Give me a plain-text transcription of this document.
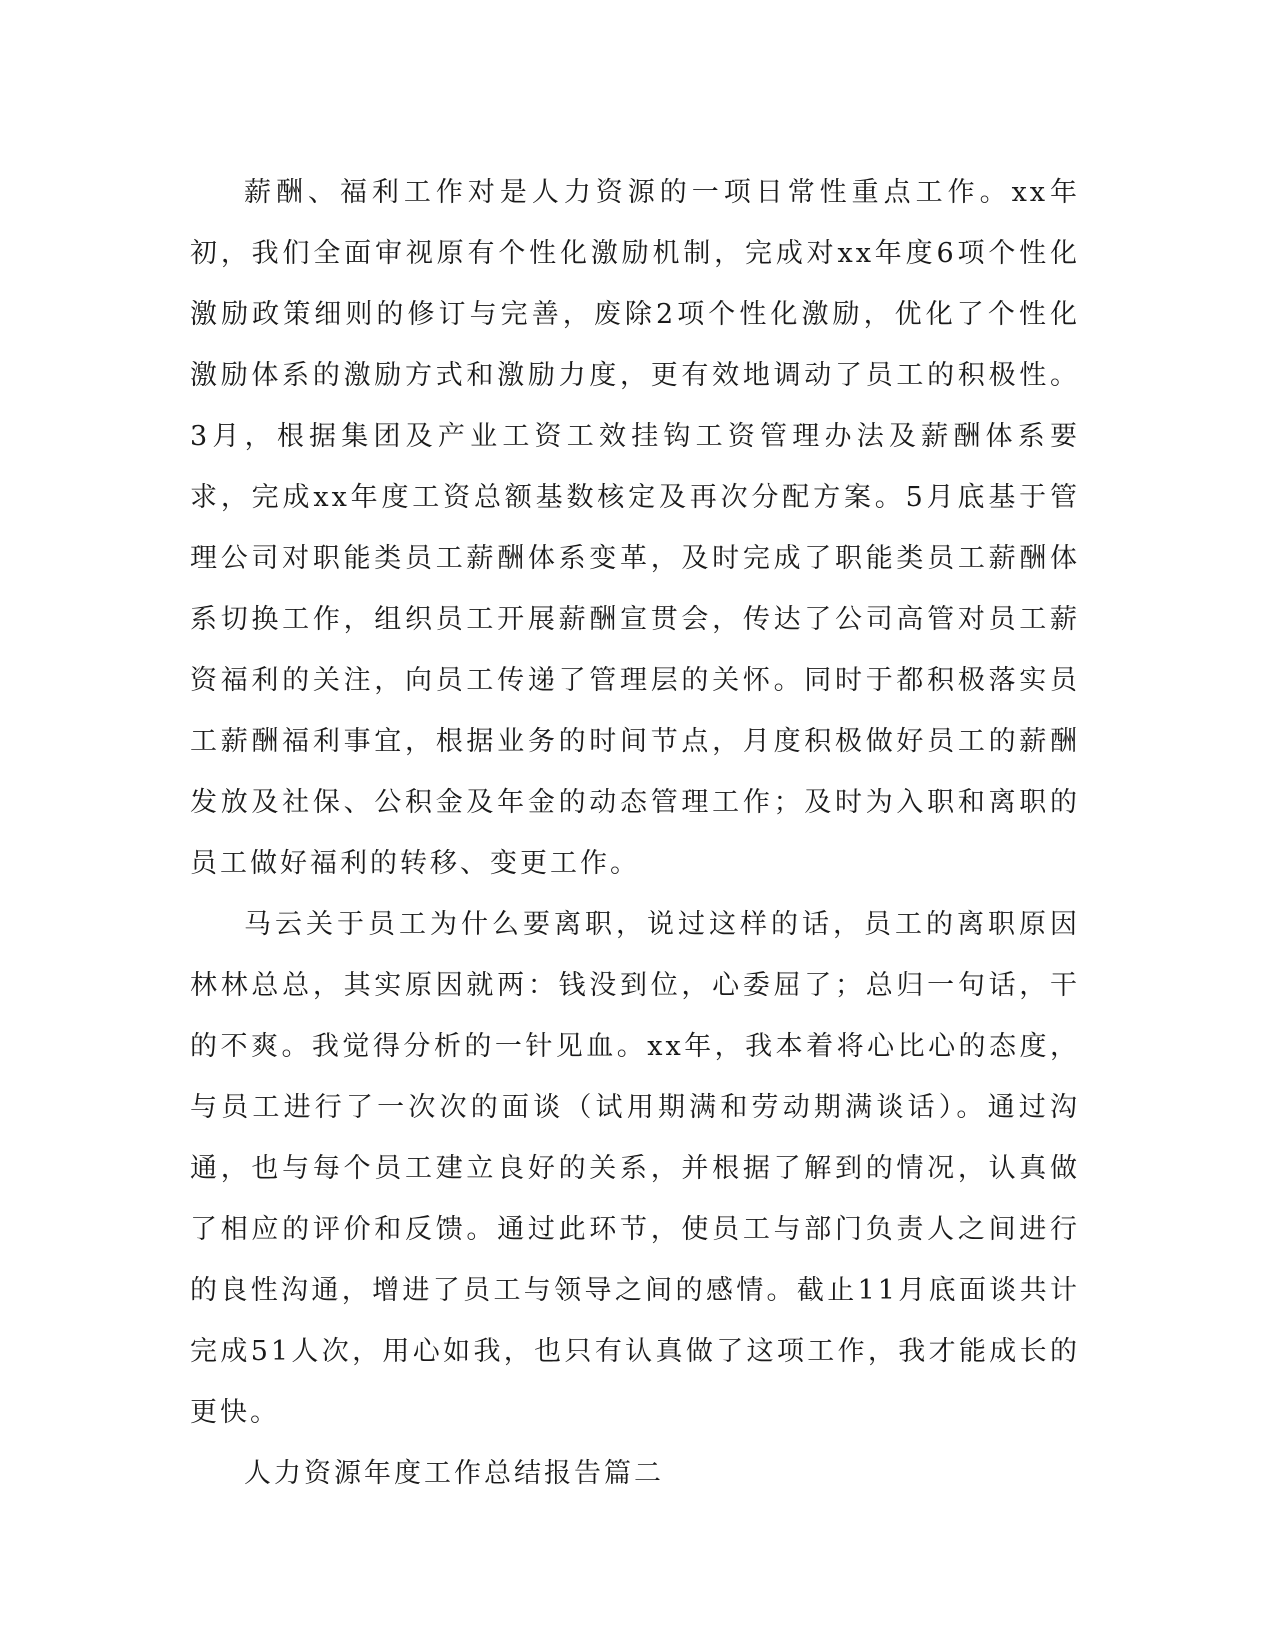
薪酬、福利工作对是人力资源的一项日常性重点工作。xx年初，我们全面审视原有个性化激励机制，完成对xx年度6项个性化激励政策细则的修订与完善，废除2项个性化激励，优化了个性化激励体系的激励方式和激励力度，更有效地调动了员工的积极性。3月，根据集团及产业工资工效挂钩工资管理办法及薪酬体系要求，完成xx年度工资总额基数核定及再次分配方案。5月底基于管理公司对职能类员工薪酬体系变革，及时完成了职能类员工薪酬体系切换工作，组织员工开展薪酬宣贯会，传达了公司高管对员工薪资福利的关注，向员工传递了管理层的关怀。同时于都积极落实员工薪酬福利事宜，根据业务的时间节点，月度积极做好员工的薪酬发放及社保、公积金及年金的动态管理工作；及时为入职和离职的员工做好福利的转移、变更工作。

马云关于员工为什么要离职，说过这样的话，员工的离职原因林林总总，其实原因就两：钱没到位，心委屈了；总归一句话，干的不爽。我觉得分析的一针见血。xx年，我本着将心比心的态度，与员工进行了一次次的面谈（试用期满和劳动期满谈话）。通过沟通，也与每个员工建立良好的关系，并根据了解到的情况，认真做了相应的评价和反馈。通过此环节，使员工与部门负责人之间进行的良性沟通，增进了员工与领导之间的感情。截止11月底面谈共计完成51人次，用心如我，也只有认真做了这项工作，我才能成长的更快。

人力资源年度工作总结报告篇二
